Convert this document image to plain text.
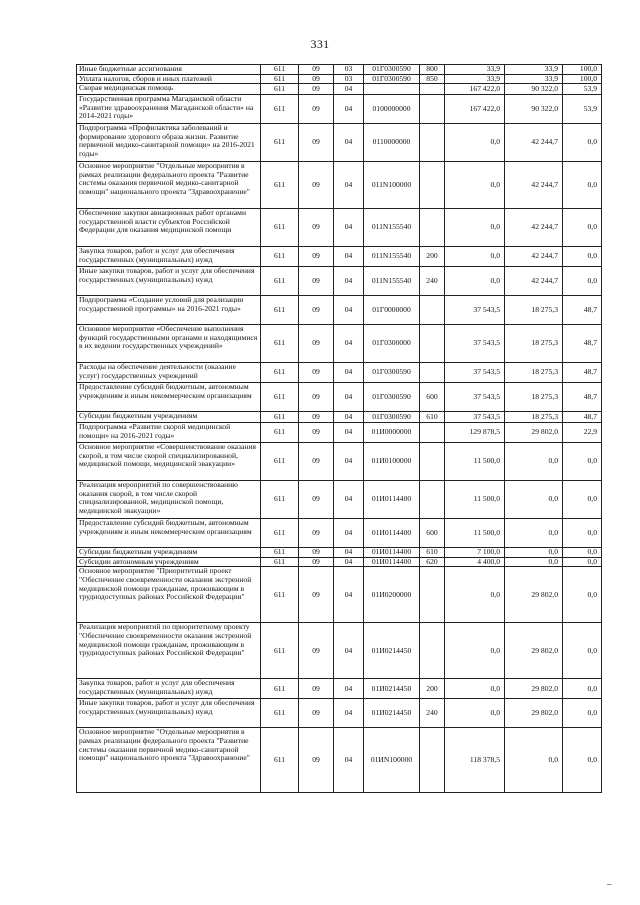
331
Иные бюджетные ассигнования	611	09	03	01Г0300590	800	33,9	33,9	100,0
Уплата налогов, сборов и иных платежей	611	09	03	01Г0300590	850	33,9	33,9	100,0
Скорая медицинская помощь	611	09	04			167 422,0	90 322,0	53,9
Государственная программа Магаданской области «Развитие здравоохранения Магаданской области» на 2014-2021 годы»	611	09	04	0100000000		167 422,0	90 322,0	53,9
Подпрограмма «Профилактика заболеваний и формирование здорового образа жизни. Развитие первичной медико-санитарной помощи» на 2016-2021 годы»	611	09	04	0110000000		0,0	42 244,7	0,0
Основное мероприятие "Отдельные мероприятия в рамках реализации федерального проекта "Развитие системы оказания первичной медико-санитарной помощи" национального проекта "Здравоохранение"	611	09	04	011N100000		0,0	42 244,7	0,0
Обеспечение закупки авиационных работ органами государственной власти субъектов Российской Федерации для оказания медицинской помощи	611	09	04	011N155540		0,0	42 244,7	0,0
Закупка товаров, работ и услуг для обеспечения государственных (муниципальных) нужд	611	09	04	011N155540	200	0,0	42 244,7	0,0
Иные закупки товаров, работ и услуг для обеспечения государственных (муниципальных) нужд	611	09	04	011N155540	240	0,0	42 244,7	0,0
Подпрограмма «Создание условий для реализации государственной программы» на 2016-2021 годы»	611	09	04	01Г0000000		37 543,5	18 275,3	48,7
Основное мероприятие «Обеспечение выполнения функций государственными органами и находящимися в их ведении государственных учреждений»	611	09	04	01Г0300000		37 543,5	18 275,3	48,7
Расходы на обеспечение деятельности (оказание услуг) государственных учреждений	611	09	04	01Г0300590		37 543,5	18 275,3	48,7
Предоставление субсидий бюджетным, автономным учреждениям и иным некоммерческим организациям	611	09	04	01Г0300590	600	37 543,5	18 275,3	48,7
Субсидии бюджетным учреждениям	611	09	04	01Г0300590	610	37 543,5	18 275,3	48,7
Подпрограмма «Развитие скорой медицинской помощи» на 2016-2021 годы»	611	09	04	01И0000000		129 878,5	29 802,0	22,9
Основное мероприятие «Совершенствование оказания скорой, в том числе скорой специализированной, медицинской помощи, медицинской эвакуации»	611	09	04	01И0100000		11 500,0	0,0	0,0
Реализация мероприятий по совершенствованию оказания скорой, в том числе скорой специализированной, медицинской помощи, медицинской эвакуации»	611	09	04	01И0114400		11 500,0	0,0	0,0
Предоставление субсидий бюджетным, автономным учреждениям и иным некоммерческим организациям	611	09	04	01И0114400	600	11 500,0	0,0	0,0
Субсидии бюджетным учреждениям	611	09	04	01И0114400	610	7 100,0	0,0	0,0
Субсидии автономным учреждениям	611	09	04	01И0114400	620	4 400,0	0,0	0,0
Основное мероприятие "Приоритетный проект "Обеспечение своевременности оказания экстренной медицинской помощи гражданам, проживающим в труднодоступных районах Российской Федерации"	611	09	04	01И0200000		0,0	29 802,0	0,0
Реализация мероприятий по приоритетному проекту "Обеспечение своевременности оказания экстренной медицинской помощи гражданам, проживающим в труднодоступных районах Российской Федерации"	611	09	04	01И0214450		0,0	29 802,0	0,0
Закупка товаров, работ и услуг для обеспечения государственных (муниципальных) нужд	611	09	04	01И0214450	200	0,0	29 802,0	0,0
Иные закупки товаров, работ и услуг для обеспечения государственных (муниципальных) нужд	611	09	04	01И0214450	240	0,0	29 802,0	0,0
Основное мероприятие "Отдельные мероприятия в рамках реализации федерального проекта "Развитие системы оказания первичной медико-санитарной помощи" национального проекта "Здравоохранение"	611	09	04	01ИN100000		118 378,5	0,0	0,0
–
